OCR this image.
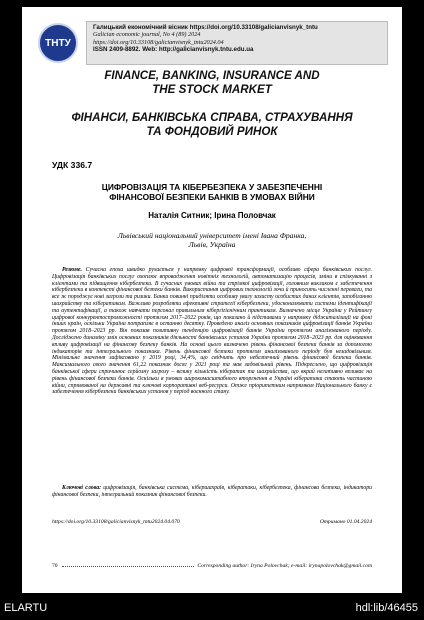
ТНТУ
Галицький економічний вісник https://doi.org/10.33108/galicianvisnyk_tntu
Galician economic journal, No 4 (89) 2024
https://doi.org/10.33108/galicianvisnyk_tntu2024.04
ISSN 2409-8892. Web: http://galicianvisnyk.tntu.edu.ua
FINANCE, BANKING, INSURANCE AND
THE STOCK MARKET
ФІНАНСИ, БАНКІВСЬКА СПРАВА, СТРАХУВАННЯ
ТА ФОНДОВИЙ РИНОК
УДК 336.7
ЦИФРОВІЗАЦІЯ ТА КІБЕРБЕЗПЕКА У ЗАБЕЗПЕЧЕННІ
ФІНАНСОВОЇ БЕЗПЕКИ БАНКІВ В УМОВАХ ВІЙНИ
Наталія Ситник; Ірина Половчак
Львівський національний університет імені Івана Франка,
Львів, Україна
Резюме. Сучасна епоха швидко рухається у напрямку цифрової трансформації, особливо сфера банківських послуг. Цифровізація банківських послуг охоплює впровадження новітніх технологій, автоматизацію процесів, зміни в спілкуванні з клієнтами та підвищення кібербезпеки. В сучасних умовах війни та стрімкої цифровізації, головним викликом є забезпечення кібербезпеки в контексті фінансової безпеки банків. Використання цифрових технологій зочи й приносить численні переваги, та все ж породжує нові загрози та ризики. Банки повинні приділяти особливу увагу захисту особистих даних клієнтів, запобіганню шахрайству та кібератакам. Важливо розробляти ефективні стратегії кібербезпеки, удосконалювати системи ідентифікації та аутентифікації, а також навчати персонал правильним кібергігієнічним практикам. Визначено місце України у Рейтингу цифрової конкурентоспроможності протягом 2017–2022 років, що показано й підставами у напрямку діджиталізації на фоні інших країн, оскільки Україна потрапляє в останню десятку. Проведено аналіз основних показників цифровізації банків України протягом 2018–2023 рр. Він показав позитивну тенденцію цифровізації банків України протягом аналізованого періоду. Досліджено динаміку змін основних показників діяльності банківських установ України протягом 2018–2023 рр. для оцінювання впливу цифровізації на фінансову безпеку банків. На основі цього визначено рівень фінансової безпеки банків за допомогою індикаторів та інтегрального показника. Рівень фінансової безпеки протягом аналізованого періоду був незадовільним. Мінімальне значення зафіксовано у 2019 році, 34,4%, що свідчить про небезпечний рівень фінансової безпеки банків. Максимального свого значення 61,22 показник досяг у 2021 році та мав задовільний рівень. Підкреслено, що цифровізація банківської сфери спричинює серйозну загрозу – велику кількість кібератак та шахрайства, що вкрай негативно впливає на рівень фінансової безпеки банків. Оскільки в умовах широкомасштабного вторгнення в Україні кібератаки стають частиною війни, спрямованої на державні та ключові корпоративні веб-ресурси. Отже пріоритетним напрямком Національного банку є забезпечення кібербезпеки банківських установ у період воєнного стану.
Ключові слова: цифровізація, банківська система, кібершахраїв, кібератаки, кібербезпека, фінансова безпека, індикатори фінансової безпеки, інтегральний показник фінансової безпеки.
https://doi.org/10.33108/galicianvisnyk_tntu2024.04.070	Отримано 01.04.2024
70	Corresponding author: Iryna Polovchak; e-mail: irynapolovchak@gmail.com
ELARTU	hdl:lib/46455
